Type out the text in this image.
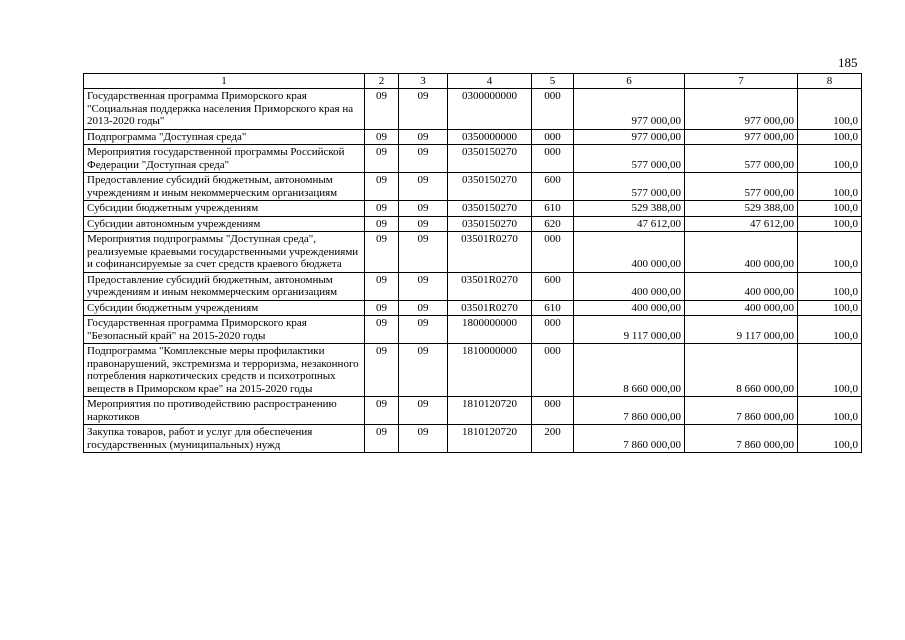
185
1	2	3	4	5	6	7	8
Государственная программа Приморского края "Социальная поддержка населения Приморского края на 2013-2020 годы"	09	09	0300000000	000	977 000,00	977 000,00	100,0
Подпрограмма "Доступная среда"	09	09	0350000000	000	977 000,00	977 000,00	100,0
Мероприятия государственной программы Российской Федерации "Доступная среда"	09	09	0350150270	000	577 000,00	577 000,00	100,0
Предоставление субсидий бюджетным, автономным учреждениям и иным некоммерческим организациям	09	09	0350150270	600	577 000,00	577 000,00	100,0
Субсидии бюджетным учреждениям	09	09	0350150270	610	529 388,00	529 388,00	100,0
Субсидии автономным учреждениям	09	09	0350150270	620	47 612,00	47 612,00	100,0
Мероприятия подпрограммы "Доступная среда", реализуемые краевыми государственными учреждениями и софинансируемые за счет средств краевого бюджета	09	09	03501R0270	000	400 000,00	400 000,00	100,0
Предоставление субсидий бюджетным, автономным учреждениям и иным некоммерческим организациям	09	09	03501R0270	600	400 000,00	400 000,00	100,0
Субсидии бюджетным учреждениям	09	09	03501R0270	610	400 000,00	400 000,00	100,0
Государственная программа Приморского края "Безопасный край" на 2015-2020 годы	09	09	1800000000	000	9 117 000,00	9 117 000,00	100,0
Подпрограмма "Комплексные меры профилактики правонарушений, экстремизма и терроризма, незаконного потребления наркотических средств и психотропных веществ в Приморском крае" на 2015-2020 годы	09	09	1810000000	000	8 660 000,00	8 660 000,00	100,0
Мероприятия по противодействию распространению наркотиков	09	09	1810120720	000	7 860 000,00	7 860 000,00	100,0
Закупка товаров, работ и услуг для обеспечения государственных (муниципальных) нужд	09	09	1810120720	200	7 860 000,00	7 860 000,00	100,0
